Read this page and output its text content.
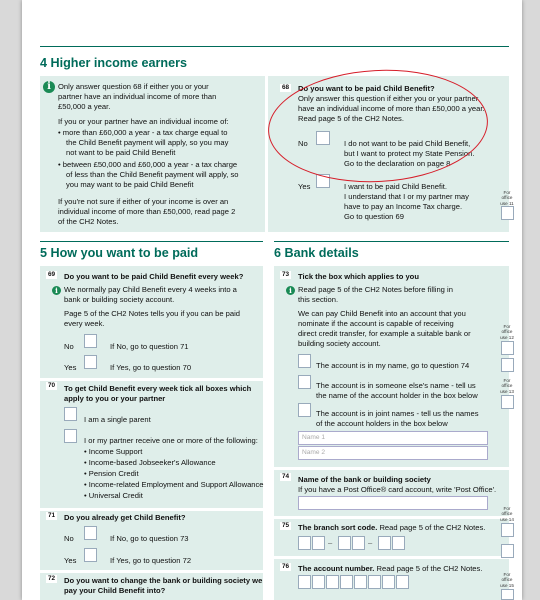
4 Higher income earners
i Only answer question 68 if either you or your
partner have an individual income of more than
£50,000 a year.
If you or your partner have an individual income of:
• more than £60,000 a year - a tax charge equal to
the Child Benefit payment will apply, so you may
not want to be paid Child Benefit
• between £50,000 and £60,000 a year - a tax charge
of less than the Child Benefit payment will apply, so
you may want to be paid Child Benefit
If you're not sure if either of your income is over an
individual income of more than £50,000, read page 2
of the CH2 Notes.
68 Do you want to be paid Child Benefit?
Only answer this question if either you or your partner
have an individual income of more than £50,000 a year.
Read page 5 of the CH2 Notes.
No	I do not want to be paid Child Benefit,
but I want to protect my State Pension.
Go to the declaration on page 8
Yes	I want to be paid Child Benefit.
I understand that I or my partner may
have to pay an Income Tax charge.
Go to question 69
For office use 11
5 How you want to be paid
69 Do you want to be paid Child Benefit every week?
i We normally pay Child Benefit every 4 weeks into a
bank or building society account.
Page 5 of the CH2 Notes tells you if you can be paid
every week.
No	If No, go to question 71
Yes	If Yes, go to question 70
70 To get Child Benefit every week tick all boxes which
apply to you or your partner
I am a single parent
I or my partner receive one or more of the following:
• Income Support
• Income-based Jobseeker's Allowance
• Pension Credit
• Income-related Employment and Support Allowance
• Universal Credit
71 Do you already get Child Benefit?
No	If No, go to question 73
Yes	If Yes, go to question 72
72 Do you want to change the bank or building society we
pay your Child Benefit into?
6 Bank details
73 Tick the box which applies to you
i Read page 5 of the CH2 Notes before filling in
this section.
We can pay Child Benefit into an account that you
nominate if the account is capable of receiving
direct credit transfer, for example a suitable bank or
building society account.
The account is in my name, go to question 74
The account is in someone else's name - tell us
the name of the account holder in the box below
The account is in joint names - tell us the names
of the account holders in the box below
Name 1
Name 2
74 Name of the bank or building society
If you have a Post Office® card account, write 'Post Office'.
75 The branch sort code. Read page 5 of the CH2 Notes.
–	–
76 The account number. Read page 5 of the CH2 Notes.
For office use 12
For office use 13
For office use 14
For office use 15
